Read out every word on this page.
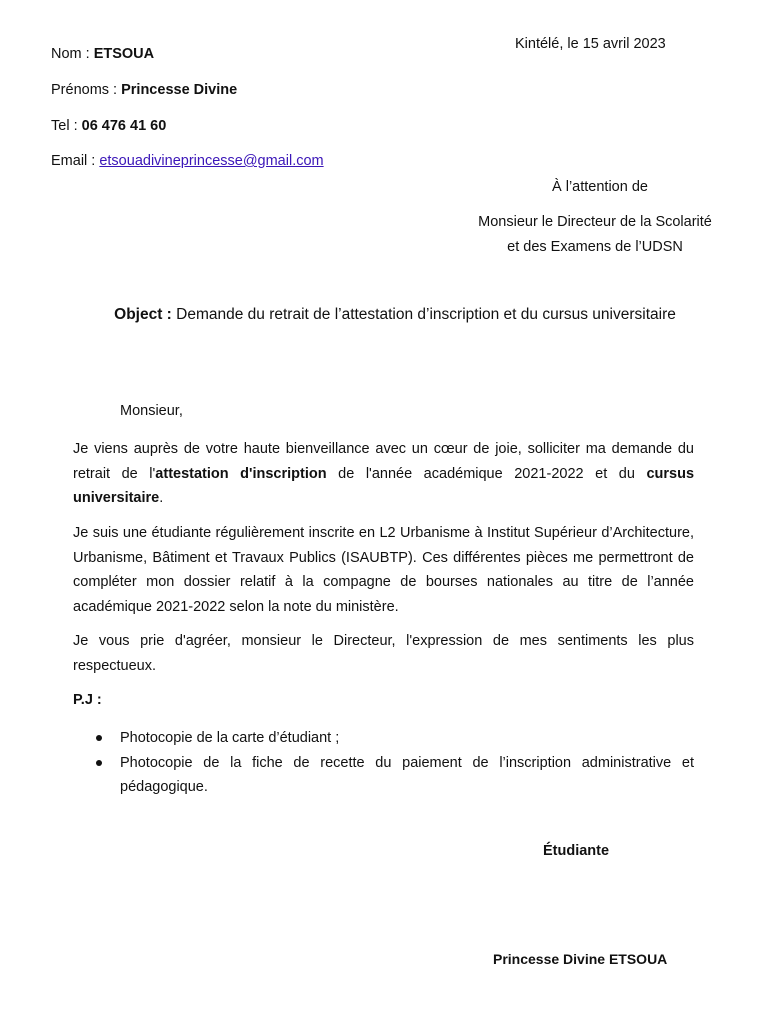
Nom : ETSOUA
Prénoms : Princesse Divine
Tel : 06 476 41 60
Email : etsouadivineprincesse@gmail.com
Kintélé, le 15 avril 2023
À l’attention de
Monsieur le Directeur de la Scolarité
et des Examens de l’UDSN
Object : Demande du retrait de l’attestation d’inscription et du cursus universitaire
Monsieur,
Je viens auprès de votre haute bienveillance avec un cœur de joie, solliciter ma demande du retrait de l'attestation d'inscription de l'année académique 2021-2022 et du cursus universitaire.
Je suis une étudiante régulièrement inscrite en L2 Urbanisme à Institut Supérieur d’Architecture, Urbanisme, Bâtiment et Travaux Publics (ISAUBTP). Ces différentes pièces me permettront de compléter mon dossier relatif à la compagne de bourses nationales au titre de l’année académique 2021-2022 selon la note du ministère.
Je vous prie d'agréer, monsieur le Directeur, l'expression de mes sentiments les plus respectueux.
P.J :
Photocopie de la carte d’étudiant ;
Photocopie de la fiche de recette du paiement de l’inscription administrative et pédagogique.
Étudiante
Princesse Divine ETSOUA
